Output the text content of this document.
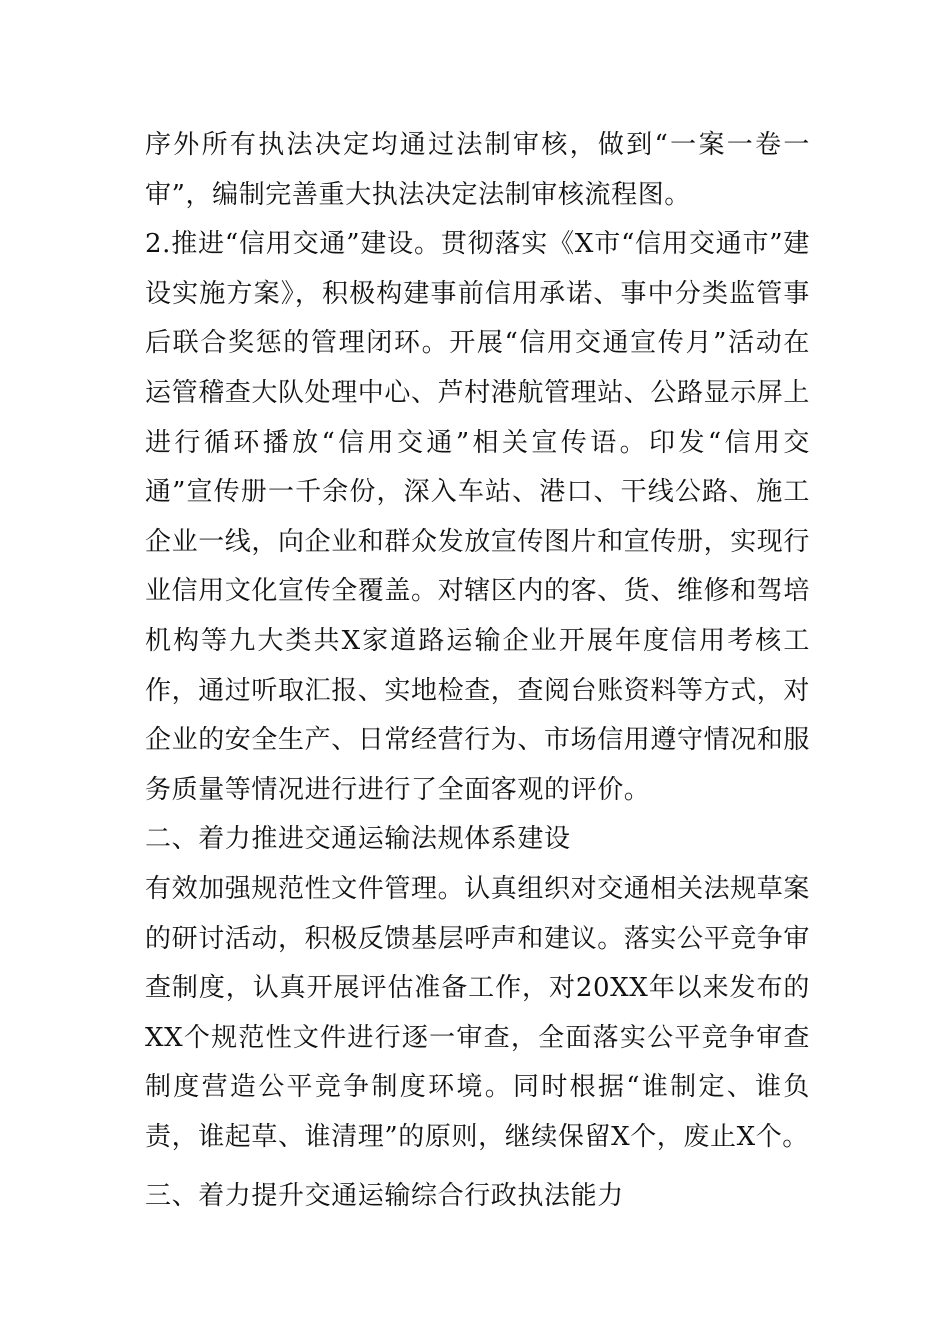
序外所有执法决定均通过法制审核，做到“一案一卷一审”，编制完善重大执法决定法制审核流程图。

2.推进“信用交通”建设。贯彻落实《X市“信用交通市”建设实施方案》，积极构建事前信用承诺、事中分类监管事后联合奖惩的管理闭环。开展“信用交通宣传月”活动在运管稽查大队处理中心、芦村港航管理站、公路显示屏上进行循环播放“信用交通”相关宣传语。印发“信用交通”宣传册一千余份，深入车站、港口、干线公路、施工企业一线，向企业和群众发放宣传图片和宣传册，实现行业信用文化宣传全覆盖。对辖区内的客、货、维修和驾培机构等九大类共X家道路运输企业开展年度信用考核工作，通过听取汇报、实地检查，查阅台账资料等方式，对企业的安全生产、日常经营行为、市场信用遵守情况和服务质量等情况进行进行了全面客观的评价。

二、着力推进交通运输法规体系建设

有效加强规范性文件管理。认真组织对交通相关法规草案的研讨活动，积极反馈基层呼声和建议。落实公平竞争审查制度，认真开展评估准备工作，对20XX年以来发布的XX个规范性文件进行逐一审查，全面落实公平竞争审查制度营造公平竞争制度环境。同时根据“谁制定、谁负责，谁起草、谁清理”的原则，继续保留X个，废止X个。

三、着力提升交通运输综合行政执法能力
